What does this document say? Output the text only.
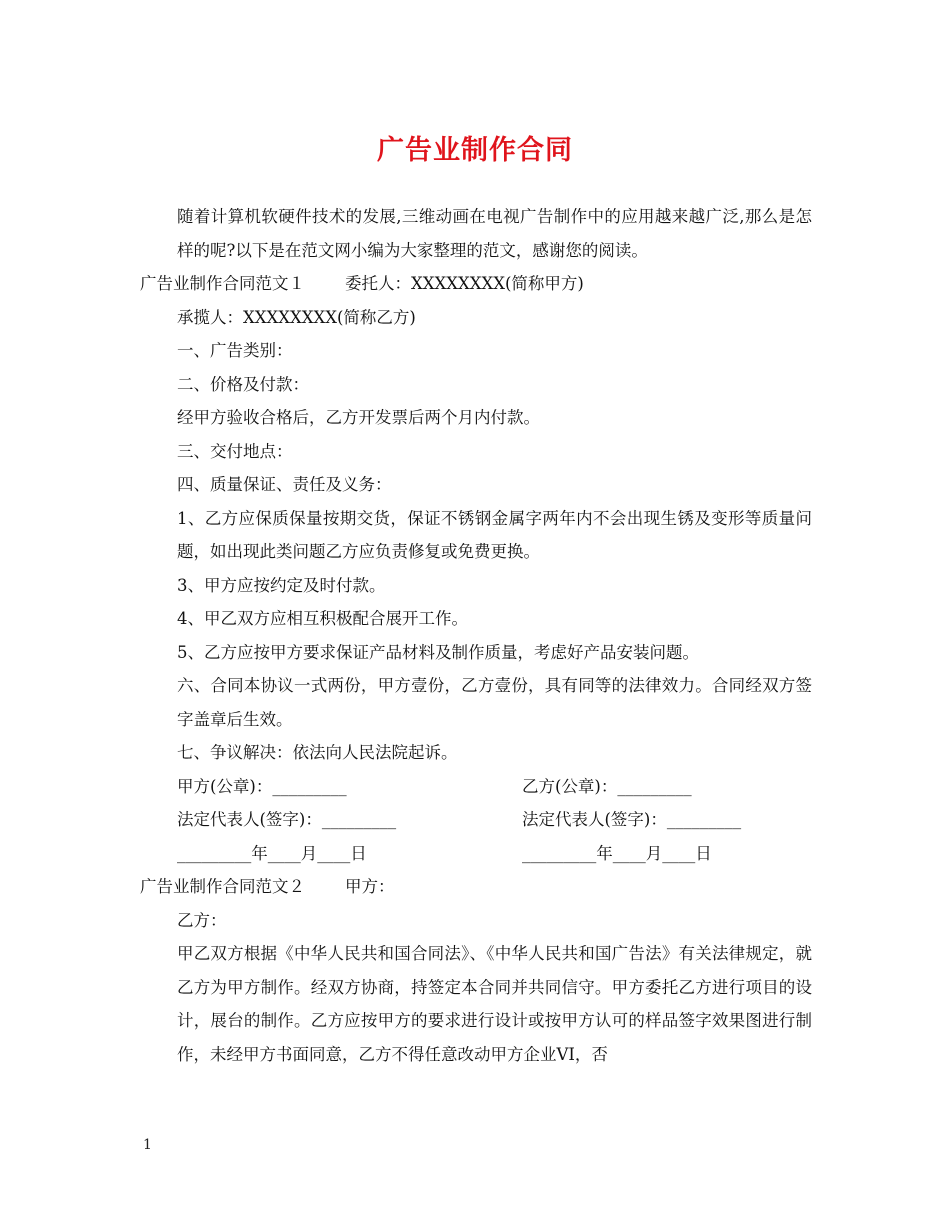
广告业制作合同

随着计算机软硬件技术的发展,三维动画在电视广告制作中的应用越来越广泛,那么是怎样的呢?以下是在范文网小编为大家整理的范文，感谢您的阅读。

广告业制作合同范文１ 委托人：XXXXXXXX(简称甲方)

承揽人：XXXXXXXX(简称乙方)

一、广告类别：

二、价格及付款：

经甲方验收合格后，乙方开发票后两个月内付款。

三、交付地点：

四、质量保证、责任及义务：

1、乙方应保质保量按期交货，保证不锈钢金属字两年内不会出现生锈及变形等质量问题，如出现此类问题乙方应负责修复或免费更换。

3、甲方应按约定及时付款。

4、甲乙双方应相互积极配合展开工作。

5、乙方应按甲方要求保证产品材料及制作质量，考虑好产品安装问题。

六、合同本协议一式两份，甲方壹份，乙方壹份，具有同等的法律效力。合同经双方签字盖章后生效。

七、争议解决：依法向人民法院起诉。

甲方(公章)：_________	乙方(公章)：_________
法定代表人(签字)：_________	法定代表人(签字)：_________
_________年____月____日	_________年____月____日

广告业制作合同范文２ 甲方：

乙方：

甲乙双方根据《中华人民共和国合同法》、《中华人民共和国广告法》有关法律规定，就乙方为甲方制作。经双方协商，持签定本合同并共同信守。甲方委托乙方进行项目的设计，展台的制作。乙方应按甲方的要求进行设计或按甲方认可的样品签字效果图进行制作，未经甲方书面同意，乙方不得任意改动甲方企业VI，否

1
